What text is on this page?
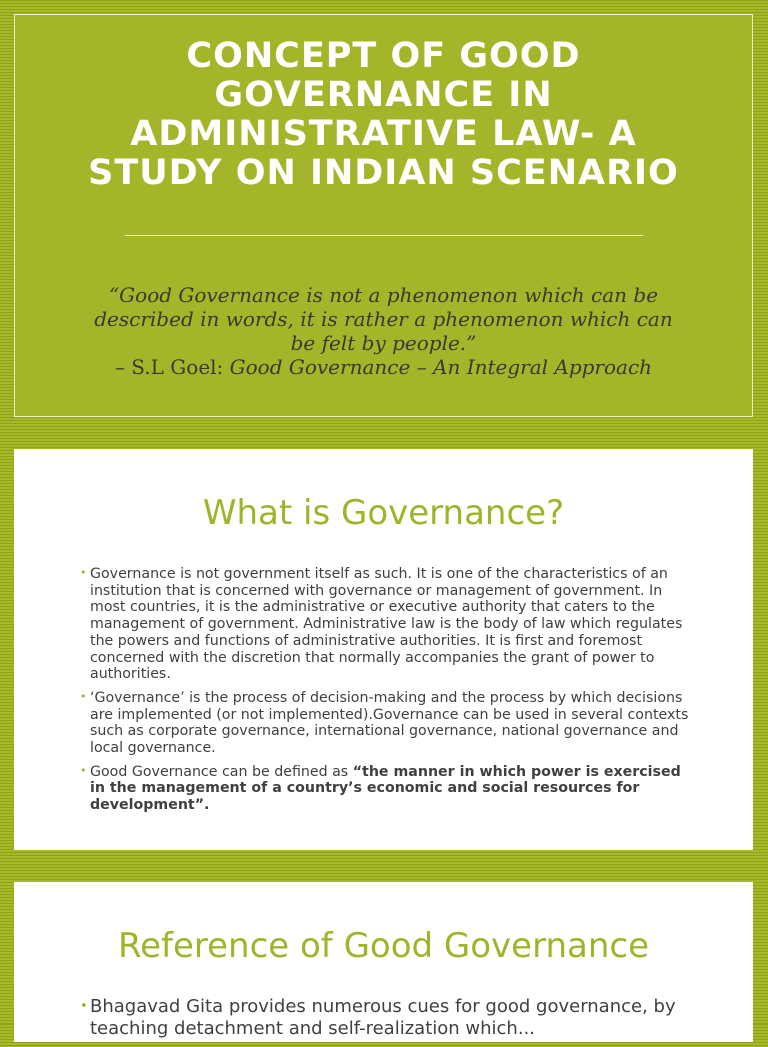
CONCEPT OF GOOD GOVERNANCE IN ADMINISTRATIVE LAW- A STUDY ON INDIAN SCENARIO
“Good Governance is not a phenomenon which can be described in words, it is rather a phenomenon which can be felt by people.”
– S.L Goel: Good Governance – An Integral Approach
What is Governance?
• Governance is not government itself as such. It is one of the characteristics of an institution that is concerned with governance or management of government. In most countries, it is the administrative or executive authority that caters to the management of government. Administrative law is the body of law which regulates the powers and functions of administrative authorities. It is first and foremost concerned with the discretion that normally accompanies the grant of power to authorities.
• ‘Governance’ is the process of decision-making and the process by which decisions are implemented (or not implemented).Governance can be used in several contexts such as corporate governance, international governance, national governance and local governance.
• Good Governance can be defined as “the manner in which power is exercised in the management of a country’s economic and social resources for development”.
Reference of Good Governance
• Bhagavad Gita provides numerous cues for good governance, by teaching detachment and self-realization which...
